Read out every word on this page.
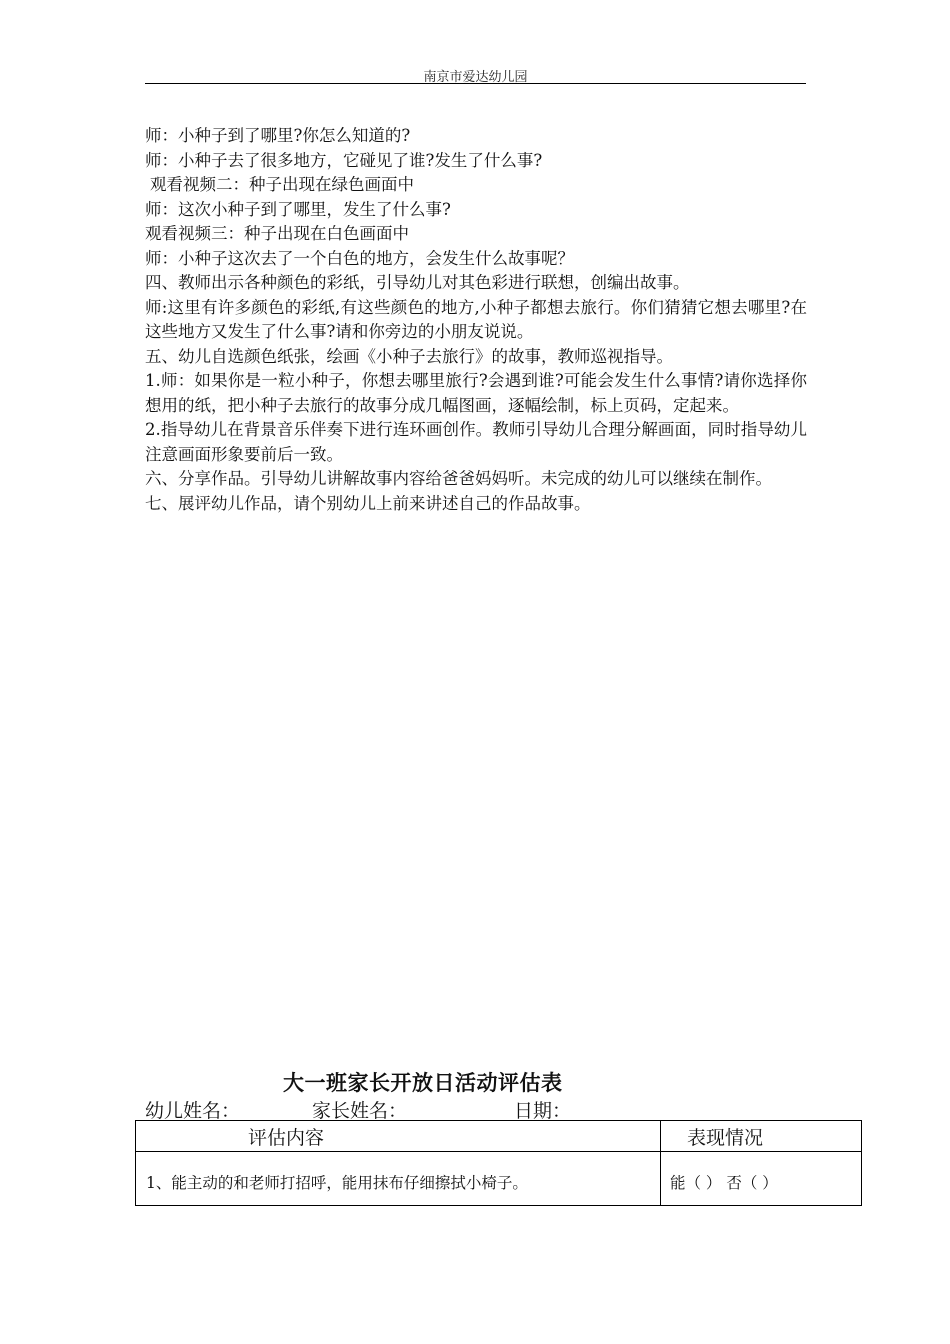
南京市爱达幼儿园

师：小种子到了哪里?你怎么知道的?

师：小种子去了很多地方，它碰见了谁?发生了什么事?

观看视频二：种子出现在绿色画面中

师：这次小种子到了哪里，发生了什么事?

观看视频三：种子出现在白色画面中

师：小种子这次去了一个白色的地方，会发生什么故事呢？

四、教师出示各种颜色的彩纸，引导幼儿对其色彩进行联想，创编出故事。

师:这里有许多颜色的彩纸,有这些颜色的地方,小种子都想去旅行。你们猜猜它想去哪里?在这些地方又发生了什么事?请和你旁边的小朋友说说。

五、幼儿自选颜色纸张，绘画《小种子去旅行》的故事，教师巡视指导。

1.师：如果你是一粒小种子，你想去哪里旅行?会遇到谁?可能会发生什么事情?请你选择你想用的纸，把小种子去旅行的故事分成几幅图画，逐幅绘制，标上页码，定起来。

2.指导幼儿在背景音乐伴奏下进行连环画创作。教师引导幼儿合理分解画面，同时指导幼儿注意画面形象要前后一致。

六、分享作品。引导幼儿讲解故事内容给爸爸妈妈听。未完成的幼儿可以继续在制作。

七、展评幼儿作品，请个别幼儿上前来讲述自己的作品故事。

大一班家长开放日活动评估表
幼儿姓名：	家长姓名：	日期：
评估内容	表现情况
1、能主动的和老师打招呼，能用抹布仔细擦拭小椅子。	能（ ） 否（ ）
